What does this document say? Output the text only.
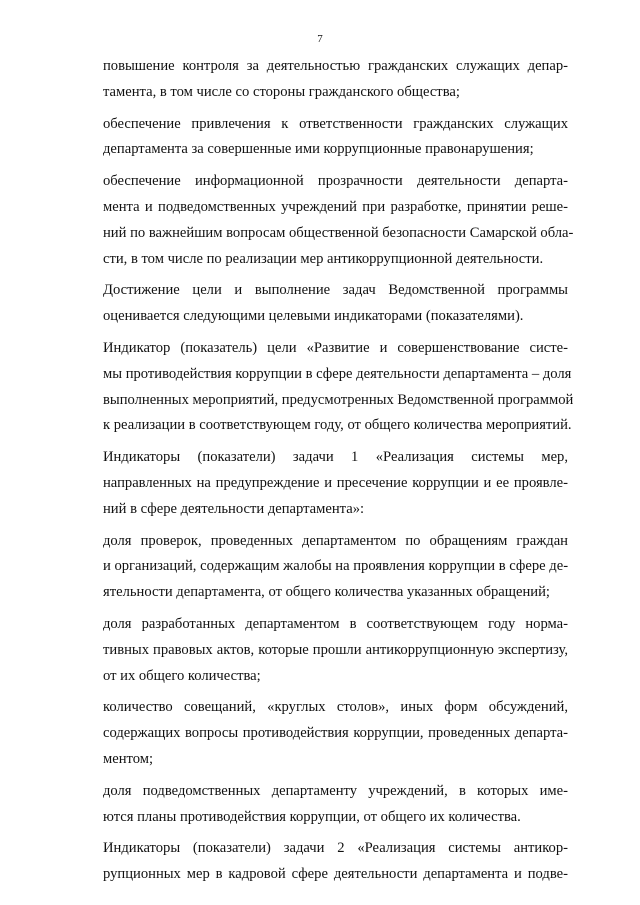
7

повышение контроля за деятельностью гражданских служащих депар-
тамента, в том числе со стороны гражданского общества;

обеспечение привлечения к ответственности гражданских служащих
департамента за совершенные ими коррупционные правонарушения;

обеспечение информационной прозрачности деятельности департа-
мента и подведомственных учреждений при разработке, принятии реше-
ний по важнейшим вопросам общественной безопасности Самарской обла-
сти, в том числе по реализации мер антикоррупционной деятельности.

Достижение цели и выполнение задач Ведомственной программы
оценивается следующими целевыми индикаторами (показателями).

Индикатор (показатель) цели «Развитие и совершенствование систе-
мы противодействия коррупции в сфере деятельности департамента – доля
выполненных мероприятий, предусмотренных Ведомственной программой
к реализации в соответствующем году, от общего количества мероприятий.

Индикаторы (показатели) задачи 1 «Реализация системы мер,
направленных на предупреждение и пресечение коррупции и ее проявле-
ний в сфере деятельности департамента»:

доля проверок, проведенных департаментом по обращениям граждан
и организаций, содержащим жалобы на проявления коррупции в сфере де-
ятельности департамента, от общего количества указанных обращений;

доля разработанных департаментом в соответствующем году норма-
тивных правовых актов, которые прошли антикоррупционную экспертизу,
от их общего количества;

количество совещаний, «круглых столов», иных форм обсуждений,
содержащих вопросы противодействия коррупции, проведенных департа-
ментом;

доля подведомственных департаменту учреждений, в которых име-
ются планы противодействия коррупции, от общего их количества.

Индикаторы (показатели) задачи 2 «Реализация системы антикор-
рупционных мер в кадровой сфере деятельности департамента и подве-
